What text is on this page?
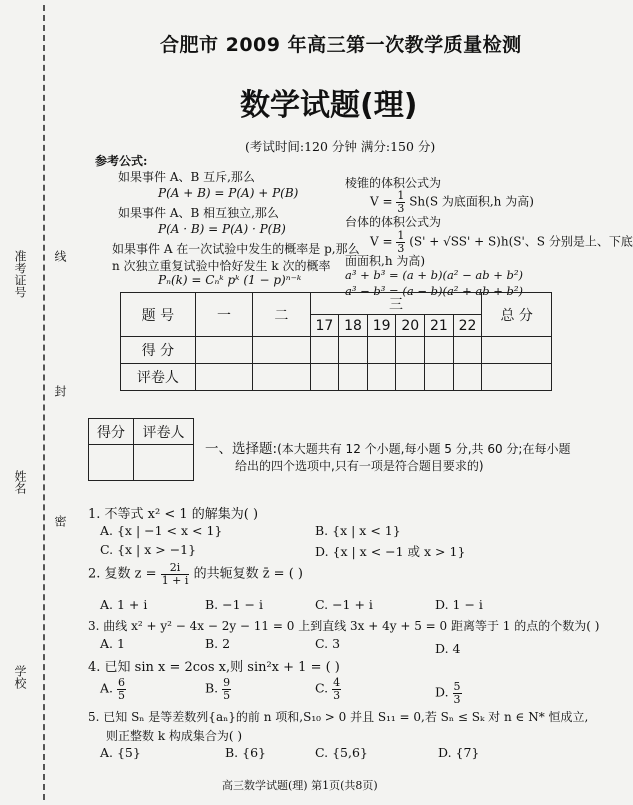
准考证号 线
封
密
姓名
学校
合肥市 2009 年高三第一次教学质量检测
数学试题(理)
(考试时间:120 分钟 满分:150 分)
参考公式:
如果事件 A、B 互斥,那么
P(A + B) = P(A) + P(B)
如果事件 A、B 相互独立,那么
P(A · B) = P(A) · P(B)
如果事件 A 在一次试验中发生的概率是 p,那么
n 次独立重复试验中恰好发生 k 次的概率
Pₙ(k) = Cₙᵏ pᵏ (1 − p)ⁿ⁻ᵏ
棱锥的体积公式为
$V = \frac{1}{3} Sh(S$ 为底面积,h 为高)
台体的体积公式为
$V = \frac{1}{3} (S' + √SS' + S)h(S'$、S 分别是上、下底
面面积,h 为高)
a³ + b³ = (a + b)(a² − ab + b²)
a³ − b³ = (a − b)(a² + ab + b²)
题 号	一	二	三						总 分
			17	18	19	20	21	22	
得 分									
评卷人									
得分	评卷人

一、选择题:(本大题共有 12 个小题,每小题 5 分,共 60 分;在每小题
给出的四个选项中,只有一项是符合题目要求的)
1. 不等式 x² < 1 的解集为( )
A. {x | −1 < x < 1}	B. {x | x < 1}
C. {x | x > −1}	D. {x | x < −1 或 x > 1}
2. 复数 $z = \frac{2i}{1 + i}$ 的共轭复数 z̄ = ( )
A. 1 + i	B. −1 − i	C. −1 + i	D. 1 − i
3. 曲线 x² + y² − 4x − 2y − 11 = 0 上到直线 3x + 4y + 5 = 0 距离等于 1 的点的个数为( )
A. 1	B. 2	C. 3	D. 4
4. 已知 sin x = 2cos x,则 sin²x + 1 = ( )
A. $\frac{6}{5}$	B. $\frac{9}{5}$	C. $\frac{4}{3}$	D. $\frac{5}{3}$
5. 已知 Sₙ 是等差数列{aₙ}的前 n 项和,S₁₀ > 0 并且 S₁₁ = 0,若 Sₙ ≤ Sₖ 对 n ∈ N* 恒成立,
则正整数 k 构成集合为( )
A. {5}	B. {6}	C. {5,6}	D. {7}
高三数学试题(理) 第1页(共8页)
